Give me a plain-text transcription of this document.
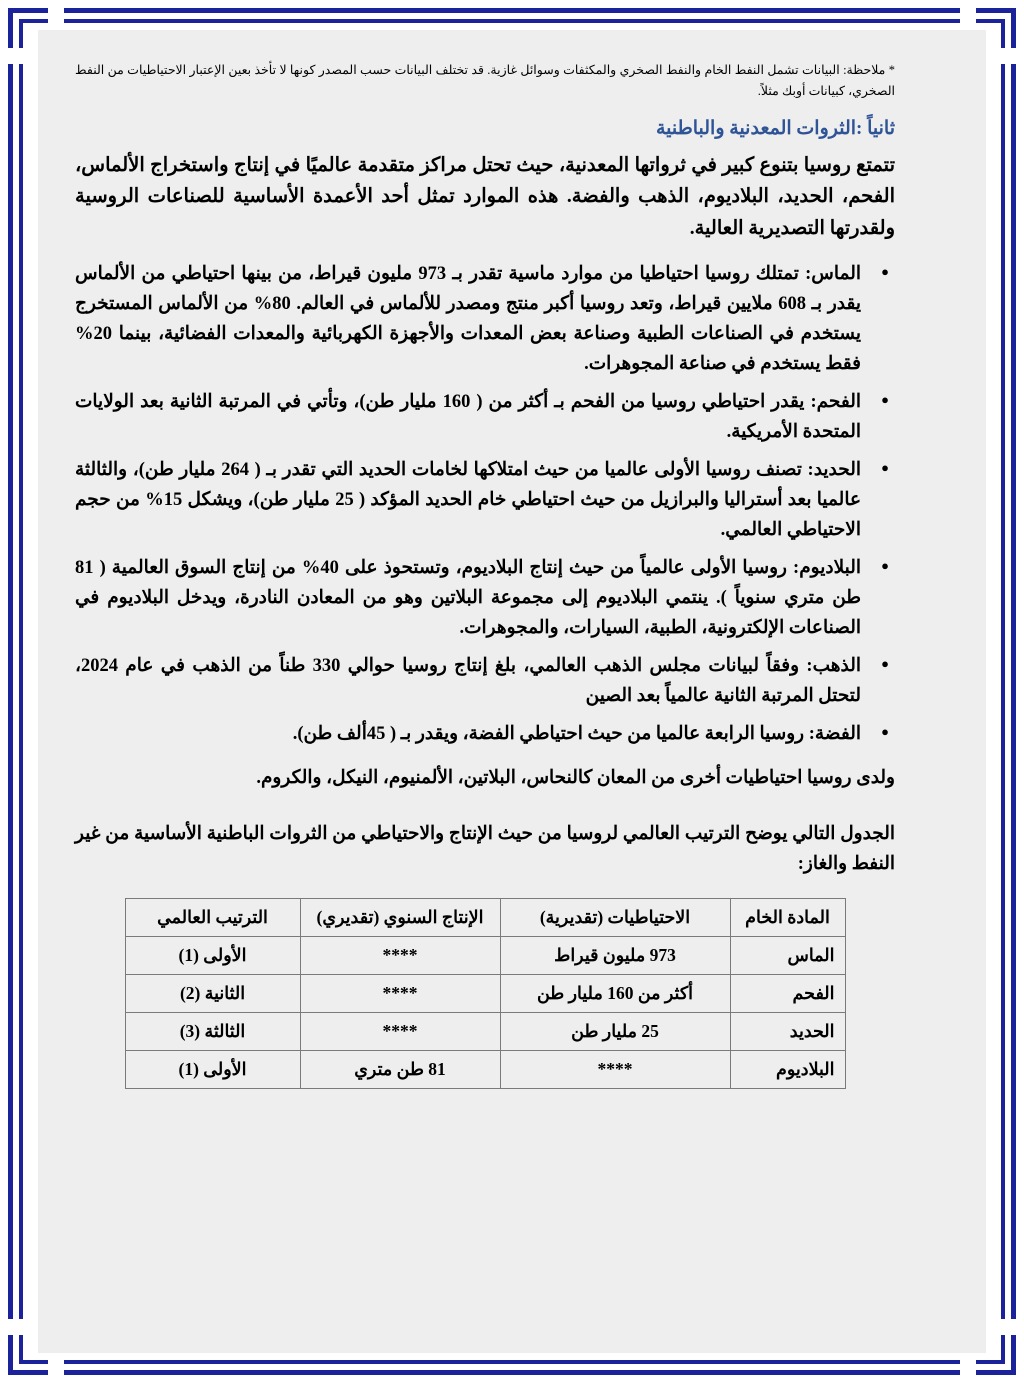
* ملاحظة: البيانات تشمل النفط الخام والنفط الصخري والمكثفات وسوائل غازية. قد تختلف البيانات حسب المصدر كونها لا تأخذ بعين الإعتبار الاحتياطيات من النفط الصخري، كبيانات أوبك مثلاً.

ثانياً :الثروات المعدنية والباطنية

تتمتع روسيا بتنوع كبير في ثرواتها المعدنية، حيث تحتل مراكز متقدمة عالميًا في إنتاج واستخراج الألماس، الفحم، الحديد، البلاديوم، الذهب والفضة. هذه الموارد تمثل أحد الأعمدة الأساسية للصناعات الروسية ولقدرتها التصديرية العالية.

● الماس: تمتلك روسيا احتياطيا من موارد ماسية تقدر بـ 973 مليون قيراط، من بينها احتياطي من الألماس يقدر بـ 608 ملايين قيراط، وتعد روسيا أكبر منتج ومصدر للألماس في العالم. 80% من الألماس المستخرج يستخدم في الصناعات الطبية وصناعة بعض المعدات والأجهزة الكهربائية والمعدات الفضائية، بينما 20% فقط يستخدم في صناعة المجوهرات.
● الفحم: يقدر احتياطي روسيا من الفحم بـ أكثر من ( 160 مليار طن)، وتأتي في المرتبة الثانية بعد الولايات المتحدة الأمريكية.
● الحديد: تصنف روسيا الأولى عالميا من حيث امتلاكها لخامات الحديد التي تقدر بـ ( 264 مليار طن)، والثالثة عالميا بعد أستراليا والبرازيل من حيث احتياطي خام الحديد المؤكد ( 25 مليار طن)، ويشكل 15% من حجم الاحتياطي العالمي.
● البلاديوم: روسيا الأولى عالمياً من حيث إنتاج البلاديوم، وتستحوذ على 40% من إنتاج السوق العالمية ( 81 طن متري سنوياً ). ينتمي البلاديوم إلى مجموعة البلاتين وهو من المعادن النادرة، ويدخل البلاديوم في الصناعات الإلكترونية، الطبية، السيارات، والمجوهرات.
● الذهب: وفقاً لبيانات مجلس الذهب العالمي، بلغ إنتاج روسيا حوالي 330 طناً من الذهب في عام 2024، لتحتل المرتبة الثانية عالمياً بعد الصين
● الفضة: روسيا الرابعة عالميا من حيث احتياطي الفضة، ويقدر بـ ( 45ألف طن).

ولدى روسيا احتياطيات أخرى من المعان كالنحاس، البلاتين، الألمنيوم، النيكل، والكروم.

الجدول التالي يوضح الترتيب العالمي لروسيا من حيث الإنتاج والاحتياطي من الثروات الباطنية الأساسية من غير النفط والغاز:

المادة الخام	الاحتياطيات (تقديرية)	الإنتاج السنوي (تقديري)	الترتيب العالمي
الماس	973 مليون قيراط	****	الأولى (1)
الفحم	أكثر من 160 مليار طن	****	الثانية (2)
الحديد	25 مليار طن	****	الثالثة (3)
البلاديوم	****	81 طن متري	الأولى (1)
